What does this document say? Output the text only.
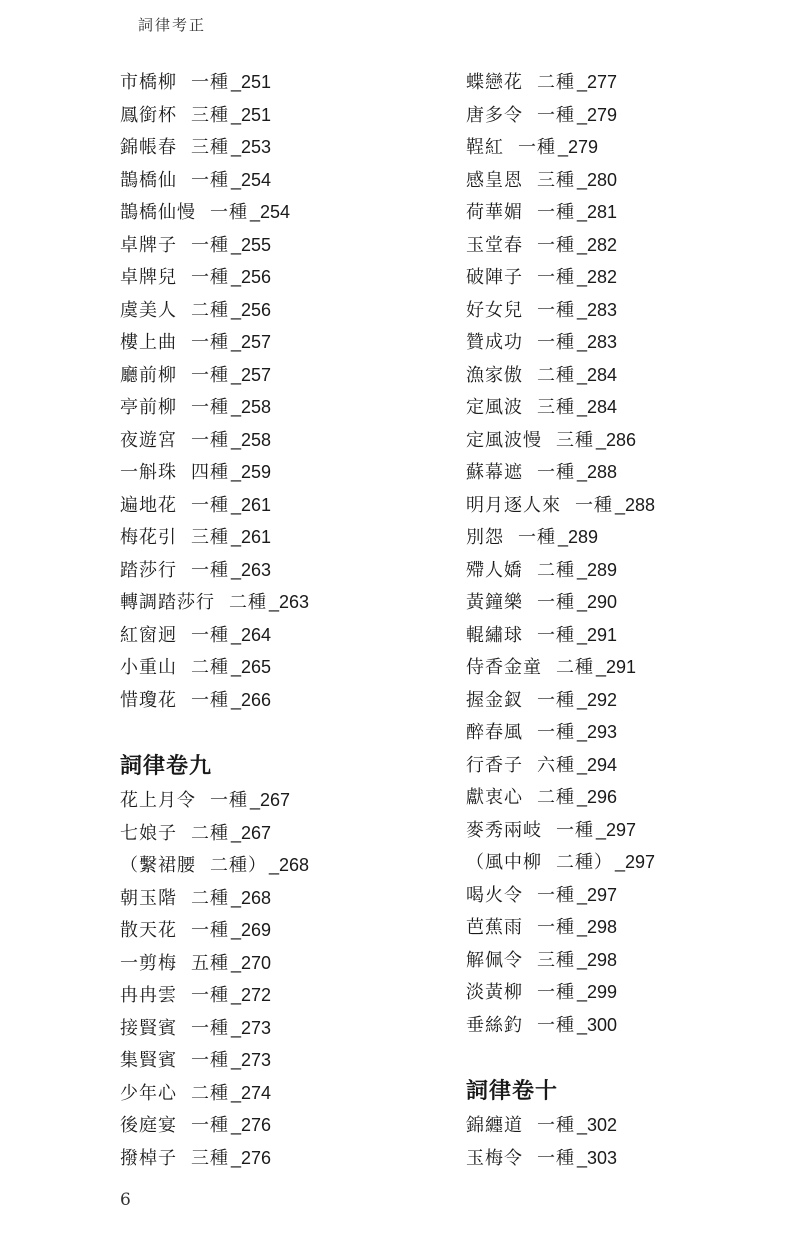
詞律考正
市橋柳 一種 _251
鳳銜杯 三種 _251
錦帳春 三種 _253
鵲橋仙 一種 _254
鵲橋仙慢 一種 _254
卓牌子 一種 _255
卓牌兒 一種 _256
虞美人 二種 _256
樓上曲 一種 _257
廳前柳 一種 _257
亭前柳 一種 _258
夜遊宮 一種 _258
一斛珠 四種 _259
遍地花 一種 _261
梅花引 三種 _261
踏莎行 一種 _263
轉調踏莎行 二種 _263
紅窗迥 一種 _264
小重山 二種 _265
惜瓊花 一種 _266
詞律卷九
花上月令 一種 _267
七娘子 二種 _267
（繫裙腰 二種） _268
朝玉階 二種 _268
散天花 一種 _269
一剪梅 五種 _270
冉冉雲 一種 _272
接賢賓 一種 _273
集賢賓 一種 _273
少年心 二種 _274
後庭宴 一種 _276
撥棹子 三種 _276
蝶戀花 二種 _277
唐多令 一種 _279
鞓紅 一種 _279
感皇恩 三種 _280
荷華媚 一種 _281
玉堂春 一種 _282
破陣子 一種 _282
好女兒 一種 _283
贊成功 一種 _283
漁家傲 二種 _284
定風波 三種 _284
定風波慢 三種 _286
蘇幕遮 一種 _288
明月逐人來 一種 _288
別怨 一種 _289
殢人嬌 二種 _289
黃鐘樂 一種 _290
輥繡球 一種 _291
侍香金童 二種 _291
握金釵 一種 _292
醉春風 一種 _293
行香子 六種 _294
獻衷心 二種 _296
麥秀兩岐 一種 _297
（風中柳 二種） _297
喝火令 一種 _297
芭蕉雨 一種 _298
解佩令 三種 _298
淡黃柳 一種 _299
垂絲釣 一種 _300
詞律卷十
錦纏道 一種 _302
玉梅令 一種 _303
6
